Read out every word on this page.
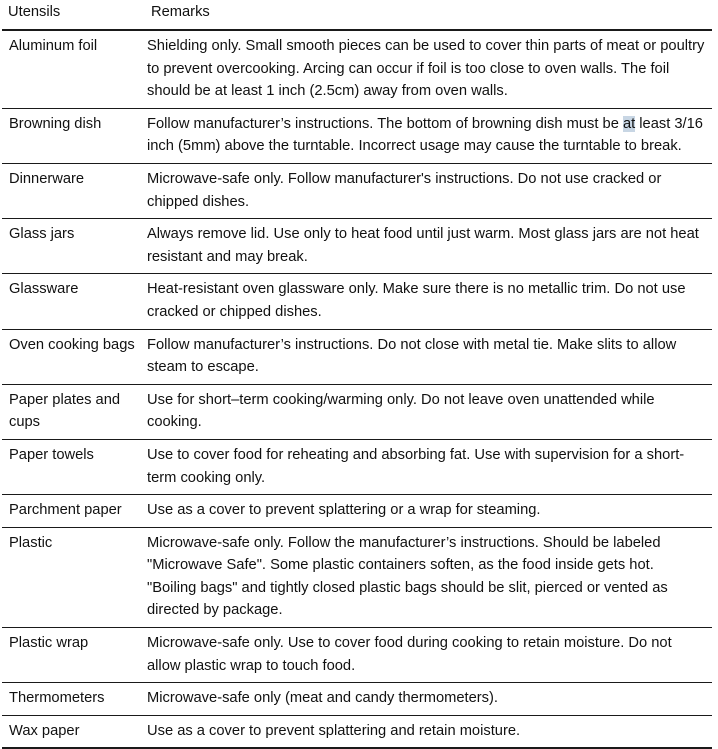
Utensils	Remarks
Aluminum foil	Shielding only. Small smooth pieces can be used to cover thin parts of meat or poultry to prevent overcooking. Arcing can occur if foil is too close to oven walls. The foil should be at least 1 inch (2.5cm) away from oven walls.
Browning dish	Follow manufacturer’s instructions. The bottom of browning dish must be at least 3/16 inch (5mm) above the turntable. Incorrect usage may cause the turntable to break.
Dinnerware	Microwave-safe only. Follow manufacturer's instructions. Do not use cracked or chipped dishes.
Glass jars	Always remove lid. Use only to heat food until just warm. Most glass jars are not heat resistant and may break.
Glassware	Heat-resistant oven glassware only. Make sure there is no metallic trim. Do not use cracked or chipped dishes.
Oven cooking bags	Follow manufacturer’s instructions. Do not close with metal tie. Make slits to allow steam to escape.
Paper plates and cups	Use for short–term cooking/warming only. Do not leave oven unattended while cooking.
Paper towels	Use to cover food for reheating and absorbing fat. Use with supervision for a short-term cooking only.
Parchment paper	Use as a cover to prevent splattering or a wrap for steaming.
Plastic	Microwave-safe only. Follow the manufacturer’s instructions. Should be labeled "Microwave Safe". Some plastic containers soften, as the food inside gets hot. "Boiling bags" and tightly closed plastic bags should be slit, pierced or vented as directed by package.
Plastic wrap	Microwave-safe only. Use to cover food during cooking to retain moisture. Do not allow plastic wrap to touch food.
Thermometers	Microwave-safe only (meat and candy thermometers).
Wax paper	Use as a cover to prevent splattering and retain moisture.
